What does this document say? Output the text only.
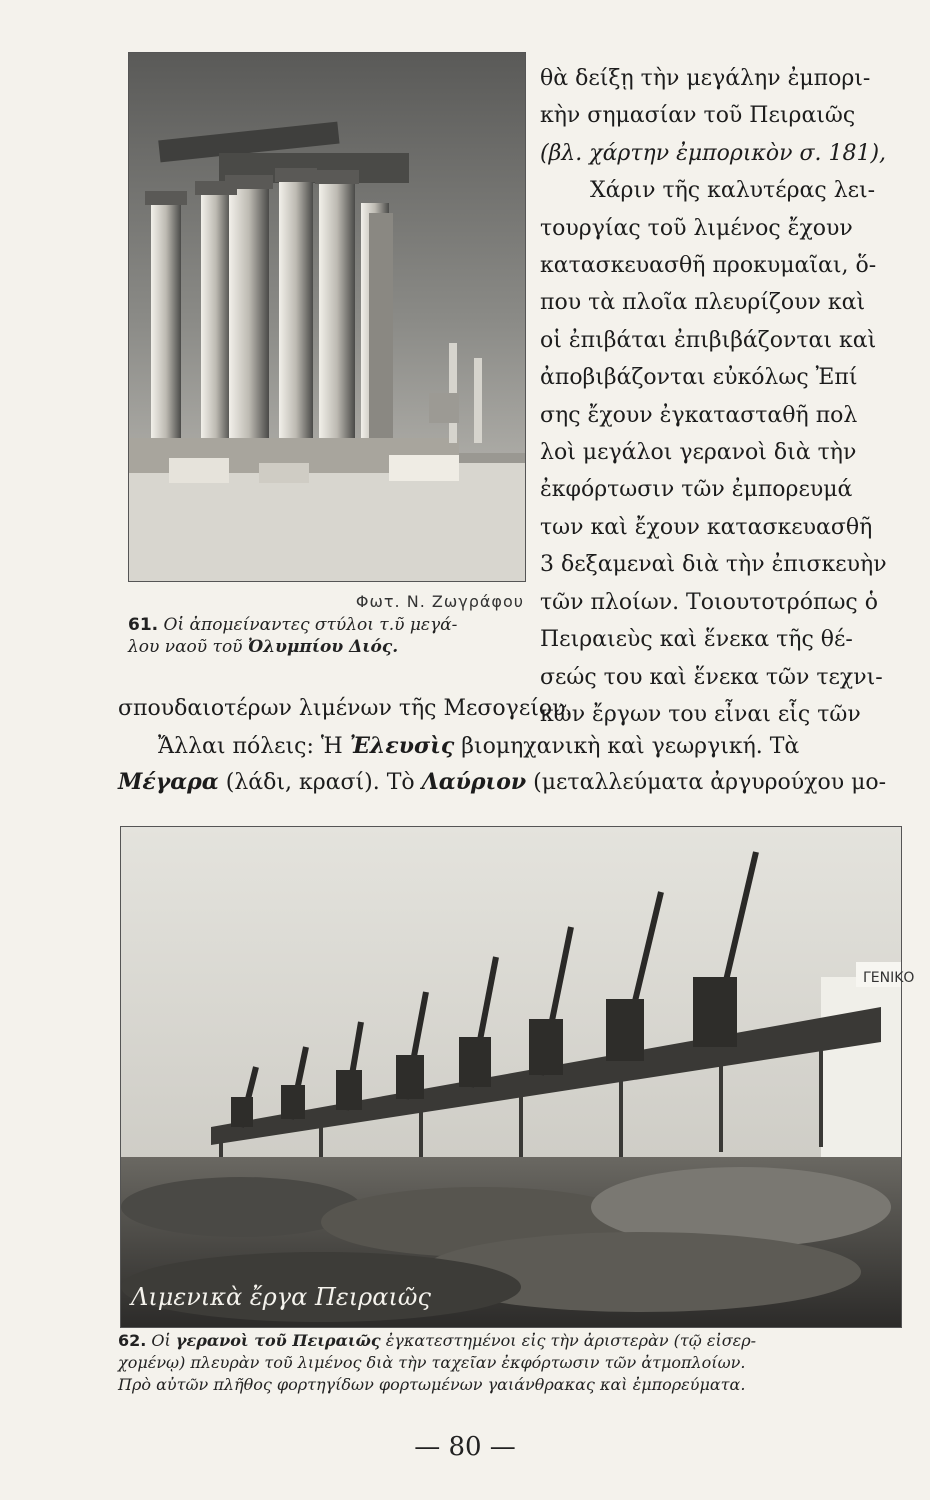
Φωτ. Ν. Ζωγράφου
61. Οἱ ἀπομείναντες στύλοι τ.ῦ μεγά-
λου ναοῦ τοῦ Ὀλυμπίου Διός.
θὰ δείξῃ τὴν μεγάλην ἐμπορι-
κὴν σημασίαν τοῦ Πειραιῶς
(βλ. χάρτην ἐμπορικὸν σ. 181),
Χάριν τῆς καλυτέρας λει-
τουργίας τοῦ λιμένος ἔχουν
κατασκευασθῆ προκυμαῖαι, ὅ-
που τὰ πλοῖα πλευρίζουν καὶ
οἱ ἐπιβάται ἐπιβιβάζονται καὶ
ἀποβιβάζονται εὐκόλως Ἐπί
σης ἔχουν ἐγκατασταθῆ πολ
λοὶ μεγάλοι γερανοὶ διὰ τὴν
ἐκφόρτωσιν τῶν ἐμπορευμά
των καὶ ἔχουν κατασκευασθῆ
3 δεξαμεναὶ διὰ τὴν ἐπισκευὴν
τῶν πλοίων. Τοιουτοτρόπως ὁ
Πειραιεὺς καὶ ἕνεκα τῆς θέ-
σεώς του καὶ ἕνεκα τῶν τεχνι-
κῶν ἔργων του εἶναι εἷς τῶν
σπουδαιοτέρων λιμένων τῆς Μεσογείου.
Ἄλλαι πόλεις: Ἡ Ἐλευσὶς βιομηχανικὴ καὶ γεωργική. Τὰ
Μέγαρα (λάδι, κρασί). Τὸ Λαύριον (μεταλλεύματα ἀργυρούχου μο-
ΓΕΝΙΚΟ
Λιμενικὰ ἔργα Πειραιῶς
62. Οἱ γερανοὶ τοῦ Πειραιῶς ἐγκατεστημένοι εἰς τὴν ἀριστερὰν (τῷ εἰσερ-
χομένῳ) πλευρὰν τοῦ λιμένος διὰ τὴν ταχεῖαν ἐκφόρτωσιν τῶν ἀτμοπλοίων.
Πρὸ αὐτῶν πλῆθος φορτηγίδων φορτωμένων γαιάνθρακας καὶ ἐμπορεύματα.
— 80 —
